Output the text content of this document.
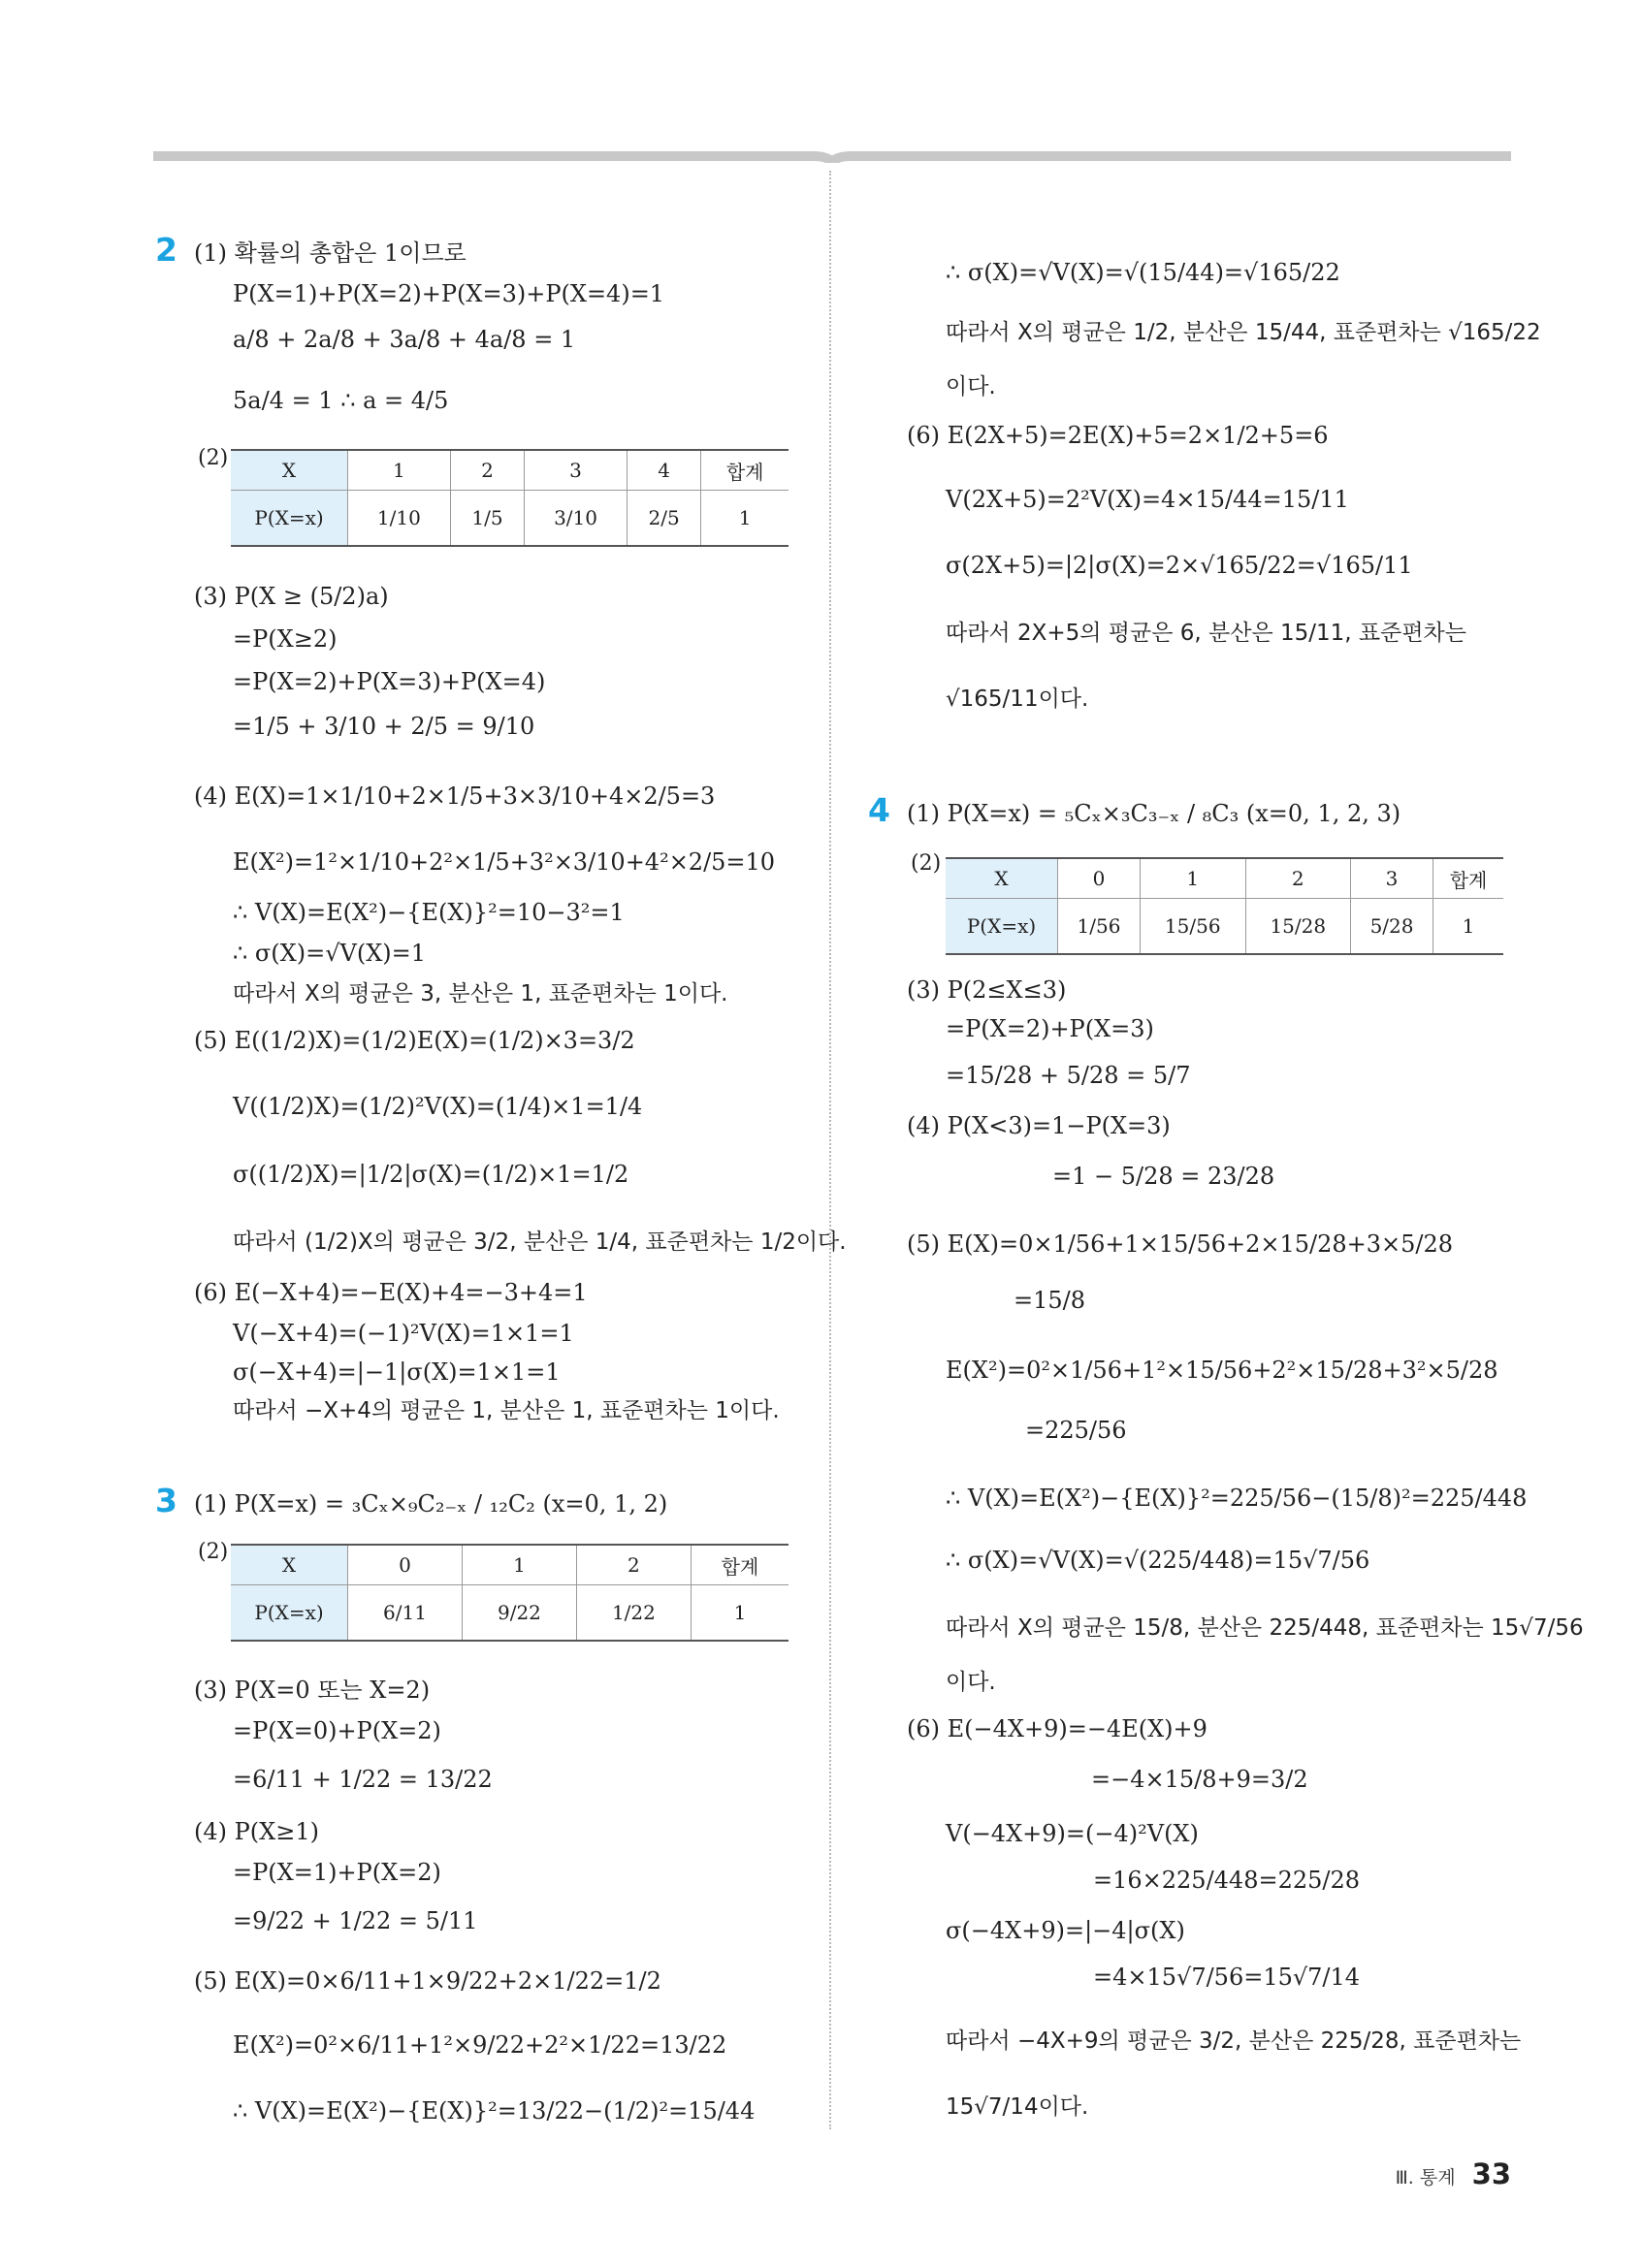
2 (1) 확률의 총합은 1이므로
P(X=1)+P(X=2)+P(X=3)+P(X=4)=1
a/8 + 2a/8 + 3a/8 + 4a/8 = 1
5a/4 = 1 ∴ a = 4/5
(2)	X	1	2	3	4	합계
P(X=x)	1/10	1/5	3/10	2/5	1
(3) P(X ≥ (5/2)a)
=P(X≥2)
=P(X=2)+P(X=3)+P(X=4)
=1/5 + 3/10 + 2/5 = 9/10
(4) E(X)=1×1/10+2×1/5+3×3/10+4×2/5=3
E(X²)=1²×1/10+2²×1/5+3²×3/10+4²×2/5=10
∴ V(X)=E(X²)−{E(X)}²=10−3²=1
∴ σ(X)=√V(X)=1
따라서 X의 평균은 3, 분산은 1, 표준편차는 1이다.
(5) E((1/2)X)=(1/2)E(X)=(1/2)×3=3/2
V((1/2)X)=(1/2)²V(X)=(1/4)×1=1/4
σ((1/2)X)=|1/2|σ(X)=(1/2)×1=1/2
따라서 (1/2)X의 평균은 3/2, 분산은 1/4, 표준편차는 1/2이다.
(6) E(−X+4)=−E(X)+4=−3+4=1
V(−X+4)=(−1)²V(X)=1×1=1
σ(−X+4)=|−1|σ(X)=1×1=1
따라서 −X+4의 평균은 1, 분산은 1, 표준편차는 1이다.
3 (1) P(X=x) = ₃Cₓ×₉C₂₋ₓ / ₁₂C₂ (x=0, 1, 2)
(2)
X	0	1	2	합계
P(X=x)	6/11	9/22	1/22	1
(3) P(X=0 또는 X=2)
=P(X=0)+P(X=2)
=6/11 + 1/22 = 13/22
(4) P(X≥1)
=P(X=1)+P(X=2)
=9/22 + 1/22 = 5/11
(5) E(X)=0×6/11+1×9/22+2×1/22=1/2
E(X²)=0²×6/11+1²×9/22+2²×1/22=13/22
∴ V(X)=E(X²)−{E(X)}²=13/22−(1/2)²=15/44
∴ σ(X)=√V(X)=√(15/44)=√165/22
따라서 X의 평균은 1/2, 분산은 15/44, 표준편차는 √165/22
이다.
(6) E(2X+5)=2E(X)+5=2×1/2+5=6
V(2X+5)=2²V(X)=4×15/44=15/11
σ(2X+5)=|2|σ(X)=2×√165/22=√165/11
따라서 2X+5의 평균은 6, 분산은 15/11, 표준편차는
√165/11이다.
4 (1) P(X=x) = ₅Cₓ×₃C₃₋ₓ / ₈C₃ (x=0, 1, 2, 3)
(2)
X	0	1	2	3	합계
P(X=x)	1/56	15/56	15/28	5/28	1
(3) P(2≤X≤3)
=P(X=2)+P(X=3)
=15/28 + 5/28 = 5/7
(4) P(X<3)=1−P(X=3)
=1 − 5/28 = 23/28
(5) E(X)=0×1/56+1×15/56+2×15/28+3×5/28
=15/8
E(X²)=0²×1/56+1²×15/56+2²×15/28+3²×5/28
=225/56
∴ V(X)=E(X²)−{E(X)}²=225/56−(15/8)²=225/448
∴ σ(X)=√V(X)=√(225/448)=15√7/56
따라서 X의 평균은 15/8, 분산은 225/448, 표준편차는 15√7/56
이다.
(6) E(−4X+9)=−4E(X)+9
=−4×15/8+9=3/2
V(−4X+9)=(−4)²V(X)
=16×225/448=225/28
σ(−4X+9)=|−4|σ(X)
=4×15√7/56=15√7/14
따라서 −4X+9의 평균은 3/2, 분산은 225/28, 표준편차는
15√7/14이다.
Ⅲ. 통계 33
